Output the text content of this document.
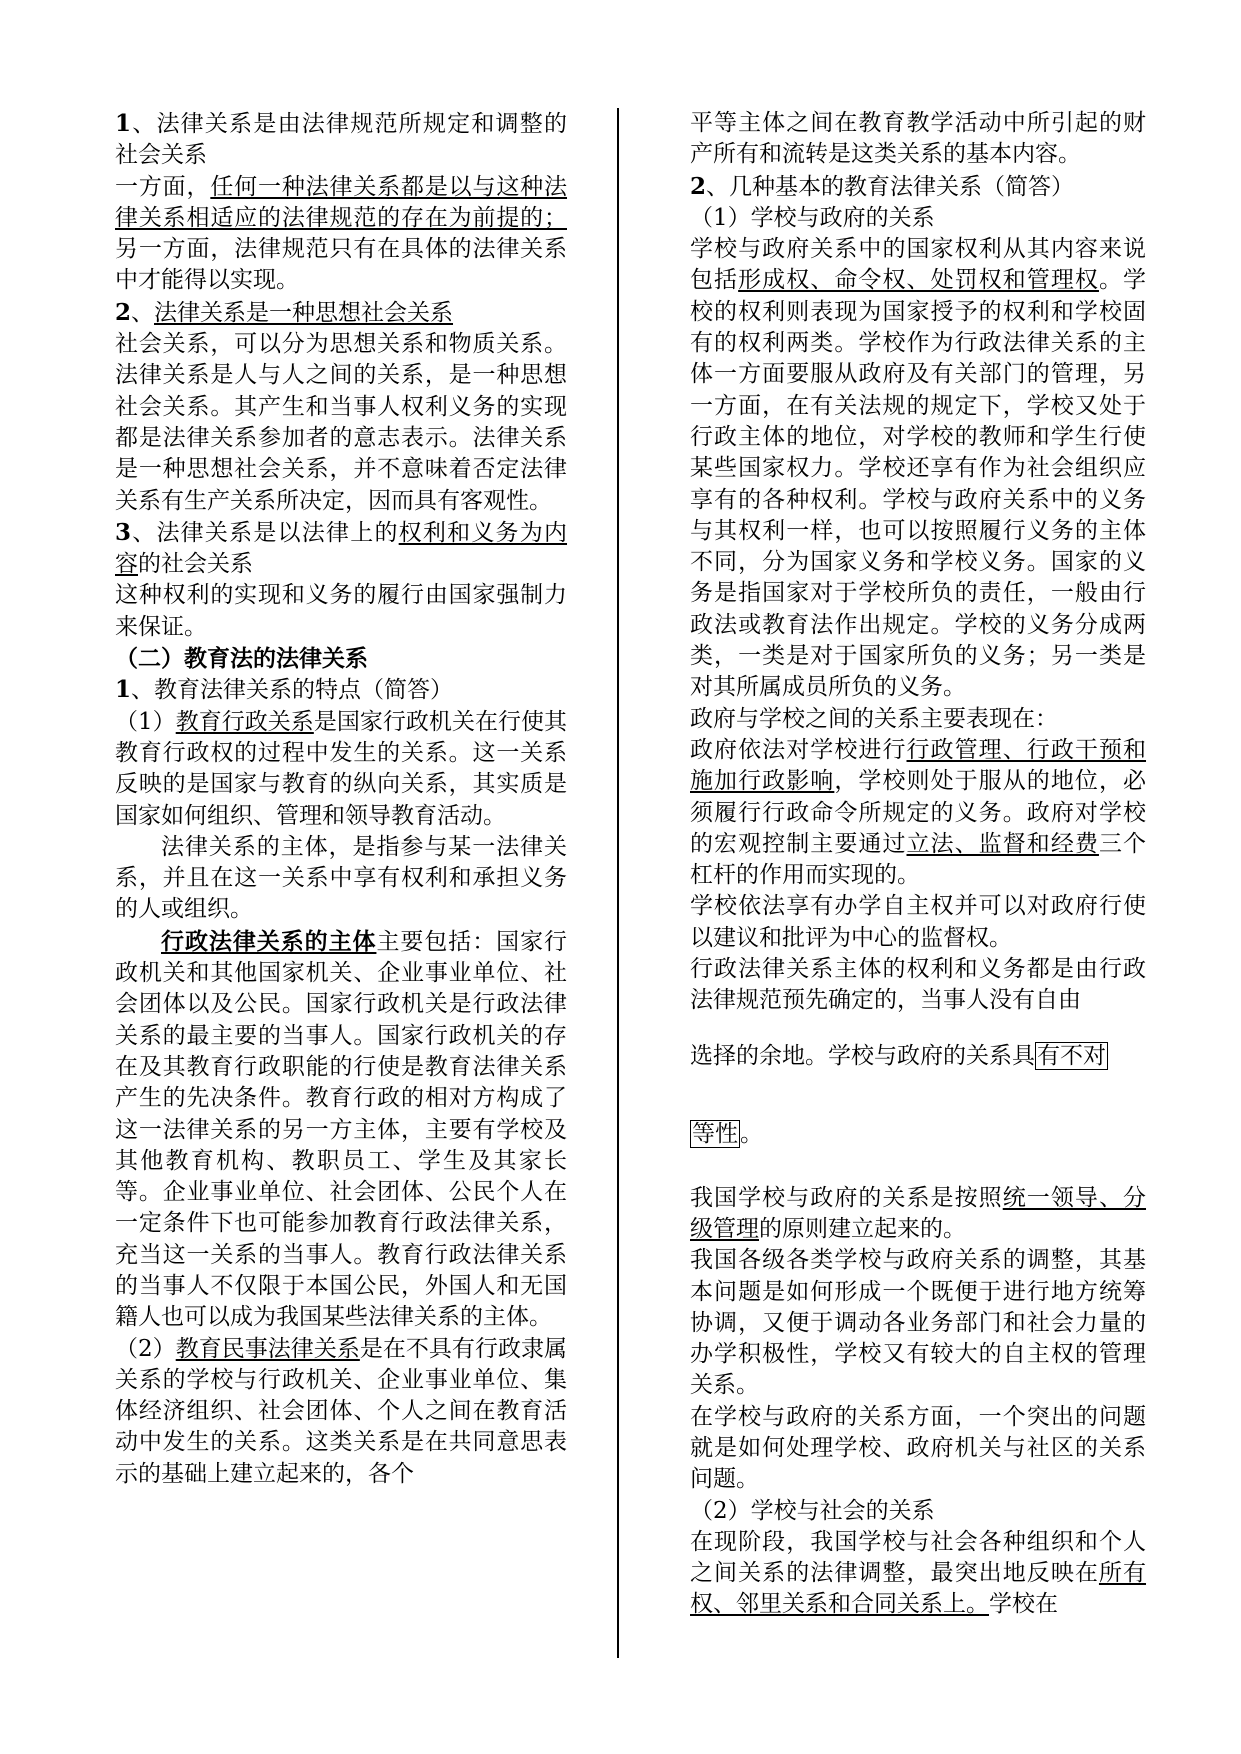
1、法律关系是由法律规范所规定和调整的社会关系

一方面，任何一种法律关系都是以与这种法律关系相适应的法律规范的存在为前提的；另一方面，法律规范只有在具体的法律关系中才能得以实现。

2、法律关系是一种思想社会关系

社会关系，可以分为思想关系和物质关系。法律关系是人与人之间的关系，是一种思想社会关系。其产生和当事人权利义务的实现都是法律关系参加者的意志表示。法律关系是一种思想社会关系，并不意味着否定法律关系有生产关系所决定，因而具有客观性。

3、法律关系是以法律上的权利和义务为内容的社会关系

这种权利的实现和义务的履行由国家强制力来保证。

（二）教育法的法律关系

1、教育法律关系的特点（简答）

（1）教育行政关系是国家行政机关在行使其教育行政权的过程中发生的关系。这一关系反映的是国家与教育的纵向关系，其实质是国家如何组织、管理和领导教育活动。

法律关系的主体，是指参与某一法律关系，并且在这一关系中享有权利和承担义务的人或组织。

行政法律关系的主体主要包括：国家行政机关和其他国家机关、企业事业单位、社会团体以及公民。国家行政机关是行政法律关系的最主要的当事人。国家行政机关的存在及其教育行政职能的行使是教育法律关系产生的先决条件。教育行政的相对方构成了这一法律关系的另一方主体，主要有学校及其他教育机构、教职员工、学生及其家长等。企业事业单位、社会团体、公民个人在一定条件下也可能参加教育行政法律关系，充当这一关系的当事人。教育行政法律关系的当事人不仅限于本国公民，外国人和无国籍人也可以成为我国某些法律关系的主体。

（2）教育民事法律关系是在不具有行政隶属关系的学校与行政机关、企业事业单位、集体经济组织、社会团体、个人之间在教育活动中发生的关系。这类关系是在共同意思表示的基础上建立起来的，各个

平等主体之间在教育教学活动中所引起的财产所有和流转是这类关系的基本内容。

2、几种基本的教育法律关系（简答）

（1）学校与政府的关系

学校与政府关系中的国家权利从其内容来说包括形成权、命令权、处罚权和管理权。学校的权利则表现为国家授予的权利和学校固有的权利两类。学校作为行政法律关系的主体一方面要服从政府及有关部门的管理，另一方面，在有关法规的规定下，学校又处于行政主体的地位，对学校的教师和学生行使某些国家权力。学校还享有作为社会组织应享有的各种权利。学校与政府关系中的义务与其权利一样，也可以按照履行义务的主体不同，分为国家义务和学校义务。国家的义务是指国家对于学校所负的责任，一般由行政法或教育法作出规定。学校的义务分成两类，一类是对于国家所负的义务；另一类是对其所属成员所负的义务。

政府与学校之间的关系主要表现在：

政府依法对学校进行行政管理、行政干预和施加行政影响，学校则处于服从的地位，必须履行行政命令所规定的义务。政府对学校的宏观控制主要通过立法、监督和经费三个杠杆的作用而实现的。

学校依法享有办学自主权并可以对政府行使以建议和批评为中心的监督权。

行政法律关系主体的权利和义务都是由行政法律规范预先确定的，当事人没有自由

选择的余地。学校与政府的关系具有不对

等性。

我国学校与政府的关系是按照统一领导、分级管理的原则建立起来的。

我国各级各类学校与政府关系的调整，其基本问题是如何形成一个既便于进行地方统筹协调，又便于调动各业务部门和社会力量的办学积极性，学校又有较大的自主权的管理关系。

在学校与政府的关系方面，一个突出的问题就是如何处理学校、政府机关与社区的关系问题。

（2）学校与社会的关系

在现阶段，我国学校与社会各种组织和个人之间关系的法律调整，最突出地反映在所有权、邻里关系和合同关系上。学校在
